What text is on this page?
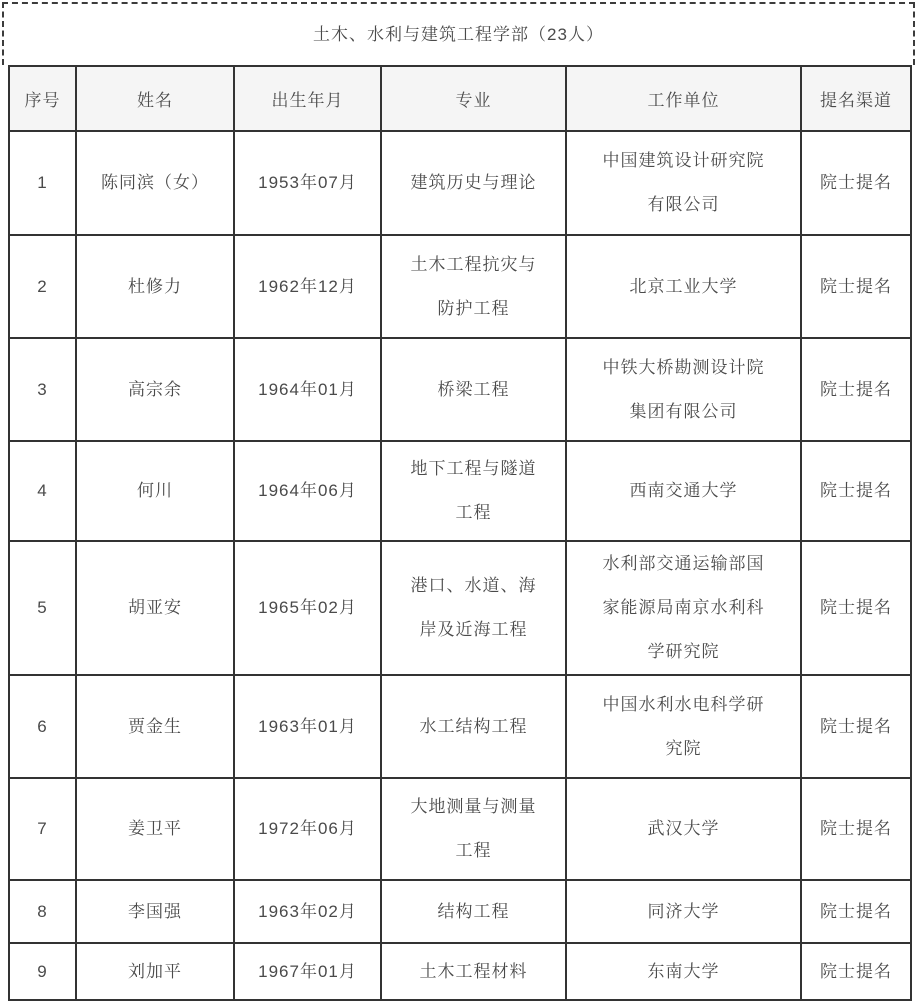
土木、水利与建筑工程学部（23人）
序号	姓名	出生年月	专业	工作单位	提名渠道
1	陈同滨（女）	1953年07月	建筑历史与理论	中国建筑设计研究院有限公司	院士提名
2	杜修力	1962年12月	土木工程抗灾与防护工程	北京工业大学	院士提名
3	高宗余	1964年01月	桥梁工程	中铁大桥勘测设计院集团有限公司	院士提名
4	何川	1964年06月	地下工程与隧道工程	西南交通大学	院士提名
5	胡亚安	1965年02月	港口、水道、海岸及近海工程	水利部交通运输部国家能源局南京水利科学研究院	院士提名
6	贾金生	1963年01月	水工结构工程	中国水利水电科学研究院	院士提名
7	姜卫平	1972年06月	大地测量与测量工程	武汉大学	院士提名
8	李国强	1963年02月	结构工程	同济大学	院士提名
9	刘加平	1967年01月	土木工程材料	东南大学	院士提名
